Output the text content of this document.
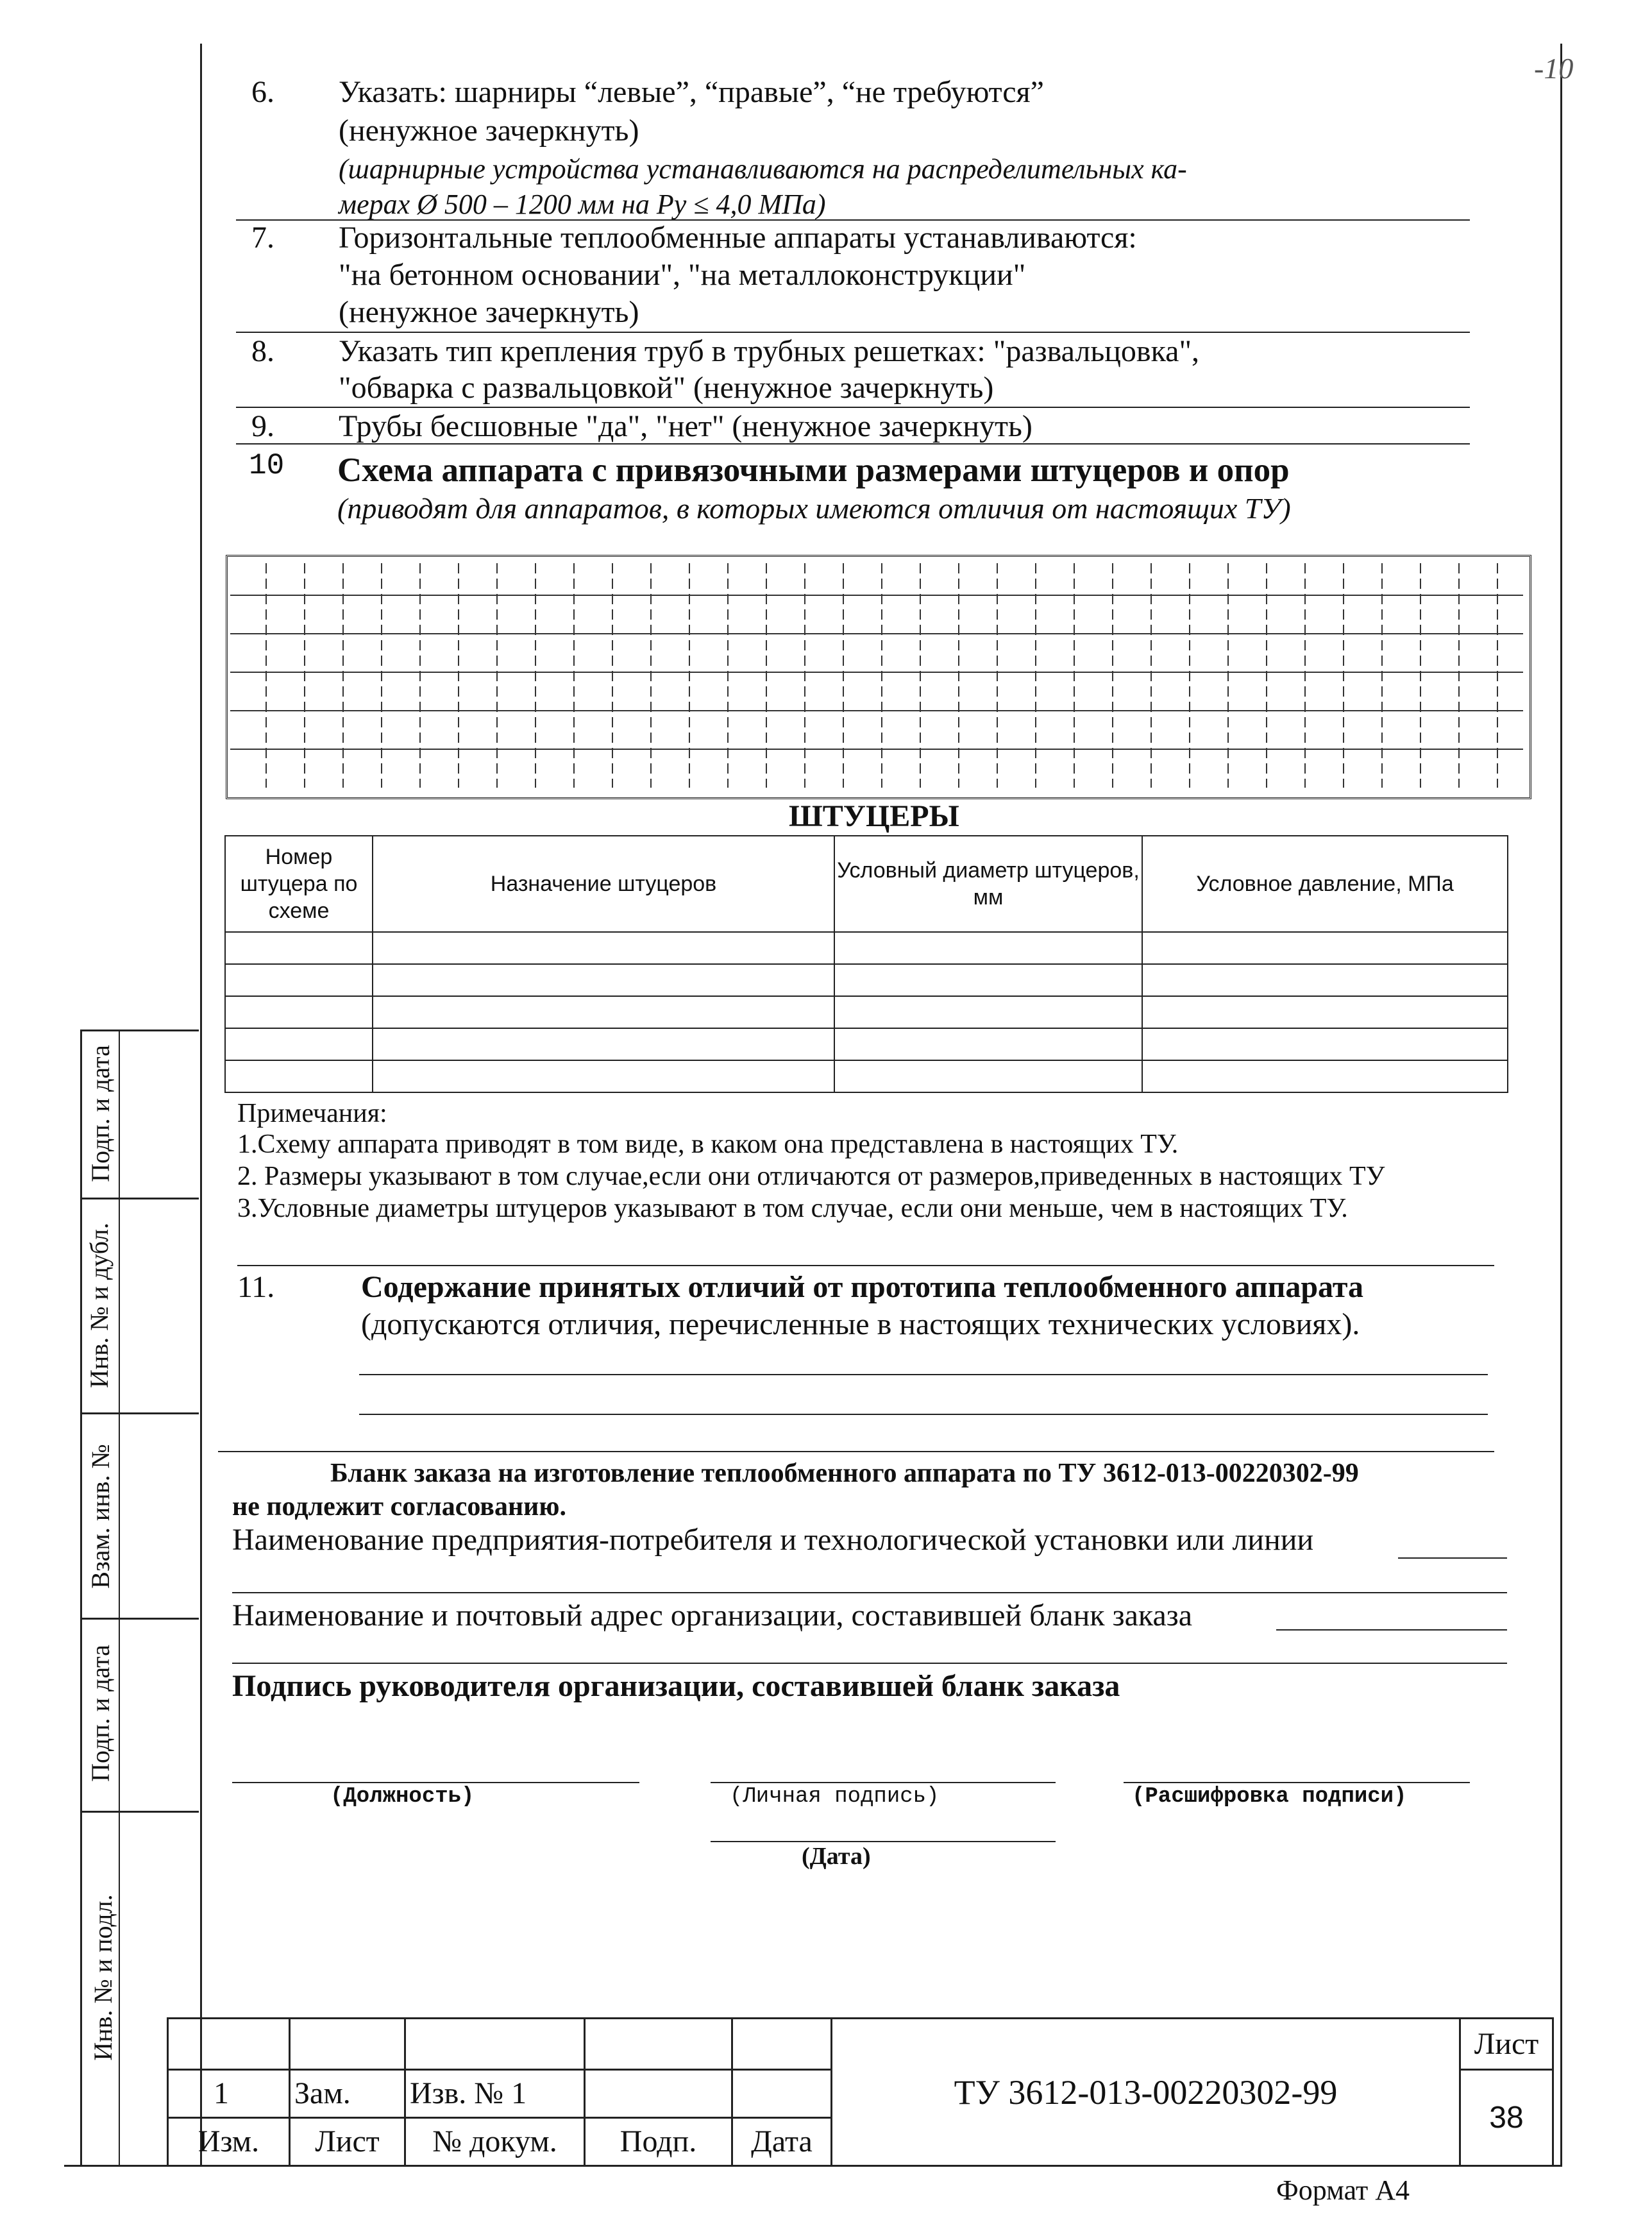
-10
6. Указать: шарниры “левые”, “правые”, “не требуются”
(ненужное зачеркнуть)
(шарнирные устройства устанавливаются на распределительных ка-
мерах Ø 500 – 1200 мм на Ру ≤ 4,0 МПа)
7. Горизонтальные теплообменные аппараты устанавливаются:
"на бетонном основании", "на металлоконструкции"
(ненужное зачеркнуть)
8. Указать тип крепления труб в трубных решетках: "развальцовка",
"обварка с развальцовкой" (ненужное зачеркнуть)
9. Трубы бесшовные "да", "нет" (ненужное зачеркнуть)
10 Схема аппарата с привязочными размерами штуцеров и опор
(приводят для аппаратов, в которых имеются отличия от настоящих ТУ)
ШТУЦЕРЫ
Номер штуцера по схеме	Назначение штуцеров	Условный диаметр штуцеров, мм	Условное давление, МПа

Примечания:
1.Схему аппарата приводят в том виде, в каком она представлена в настоящих ТУ.
2. Размеры указывают в том случае,если они отличаются от размеров,приведенных в настоящих ТУ
3.Условные диаметры штуцеров указывают в том случае, если они меньше, чем в настоящих ТУ.
11.	Содержание принятых отличий от прототипа теплообменного аппарата
(допускаются отличия, перечисленные в настоящих технических условиях).
Бланк заказа на изготовление теплообменного аппарата по ТУ 3612-013-00220302-99
не подлежит согласованию.
Наименование предприятия-потребителя и технологической установки или линии
Наименование и почтовый адрес организации, составившей бланк заказа
Подпись руководителя организации, составившей бланк заказа
(Должность)	(Личная подпись)	(Расшифровка подписи)
(Дата)
Подп. и дата
Инв. № и дубл.
Взам. инв. №
Подп. и дата
Инв. № и подл.
					ТУ 3612-013-00220302-99	Лист
1	Зам.	Изв. № 1				38
Изм.	Лист	№ докум.	Подп.	Дата		
Формат А4
